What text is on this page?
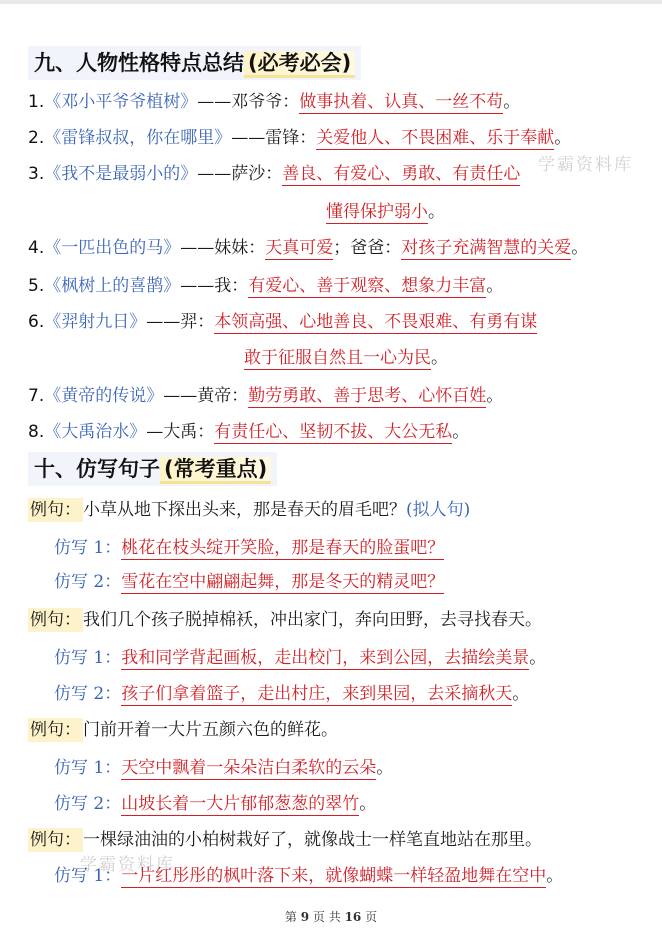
九、人物性格特点总结 (必考必会)
1.《邓小平爷爷植树》——邓爷爷：做事执着、认真、一丝不苟。
2.《雷锋叔叔，你在哪里》——雷锋：关爱他人、不畏困难、乐于奉献。
3.《我不是最弱小的》——萨沙：善良、有爱心、勇敢、有责任心
懂得保护弱小。
4.《一匹出色的马》——妹妹：天真可爱；爸爸：对孩子充满智慧的关爱。
5.《枫树上的喜鹊》——我：有爱心、善于观察、想象力丰富。
6.《羿射九日》——羿：本领高强、心地善良、不畏艰难、有勇有谋
敢于征服自然且一心为民。
7.《黄帝的传说》——黄帝：勤劳勇敢、善于思考、心怀百姓。
8.《大禹治水》—大禹：有责任心、坚韧不拔、大公无私。
十、仿写句子 (常考重点)
例句： 小草从地下探出头来，那是春天的眉毛吧？(拟人句)
仿写 1：桃花在枝头绽开笑脸，那是春天的脸蛋吧？
仿写 2：雪花在空中翩翩起舞，那是冬天的精灵吧？
例句： 我们几个孩子脱掉棉袄，冲出家门，奔向田野，去寻找春天。
仿写 1：我和同学背起画板，走出校门，来到公园，去描绘美景。
仿写 2：孩子们拿着篮子，走出村庄，来到果园，去采摘秋天。
例句： 门前开着一大片五颜六色的鲜花。
仿写 1：天空中飘着一朵朵洁白柔软的云朵。
仿写 2：山坡长着一大片郁郁葱葱的翠竹。
例句： 一棵绿油油的小柏树栽好了，就像战士一样笔直地站在那里。
仿写 1：一片红彤彤的枫叶落下来，就像蝴蝶一样轻盈地舞在空中。
学霸资料库
学霸资料库
第 9 页 共 16 页
